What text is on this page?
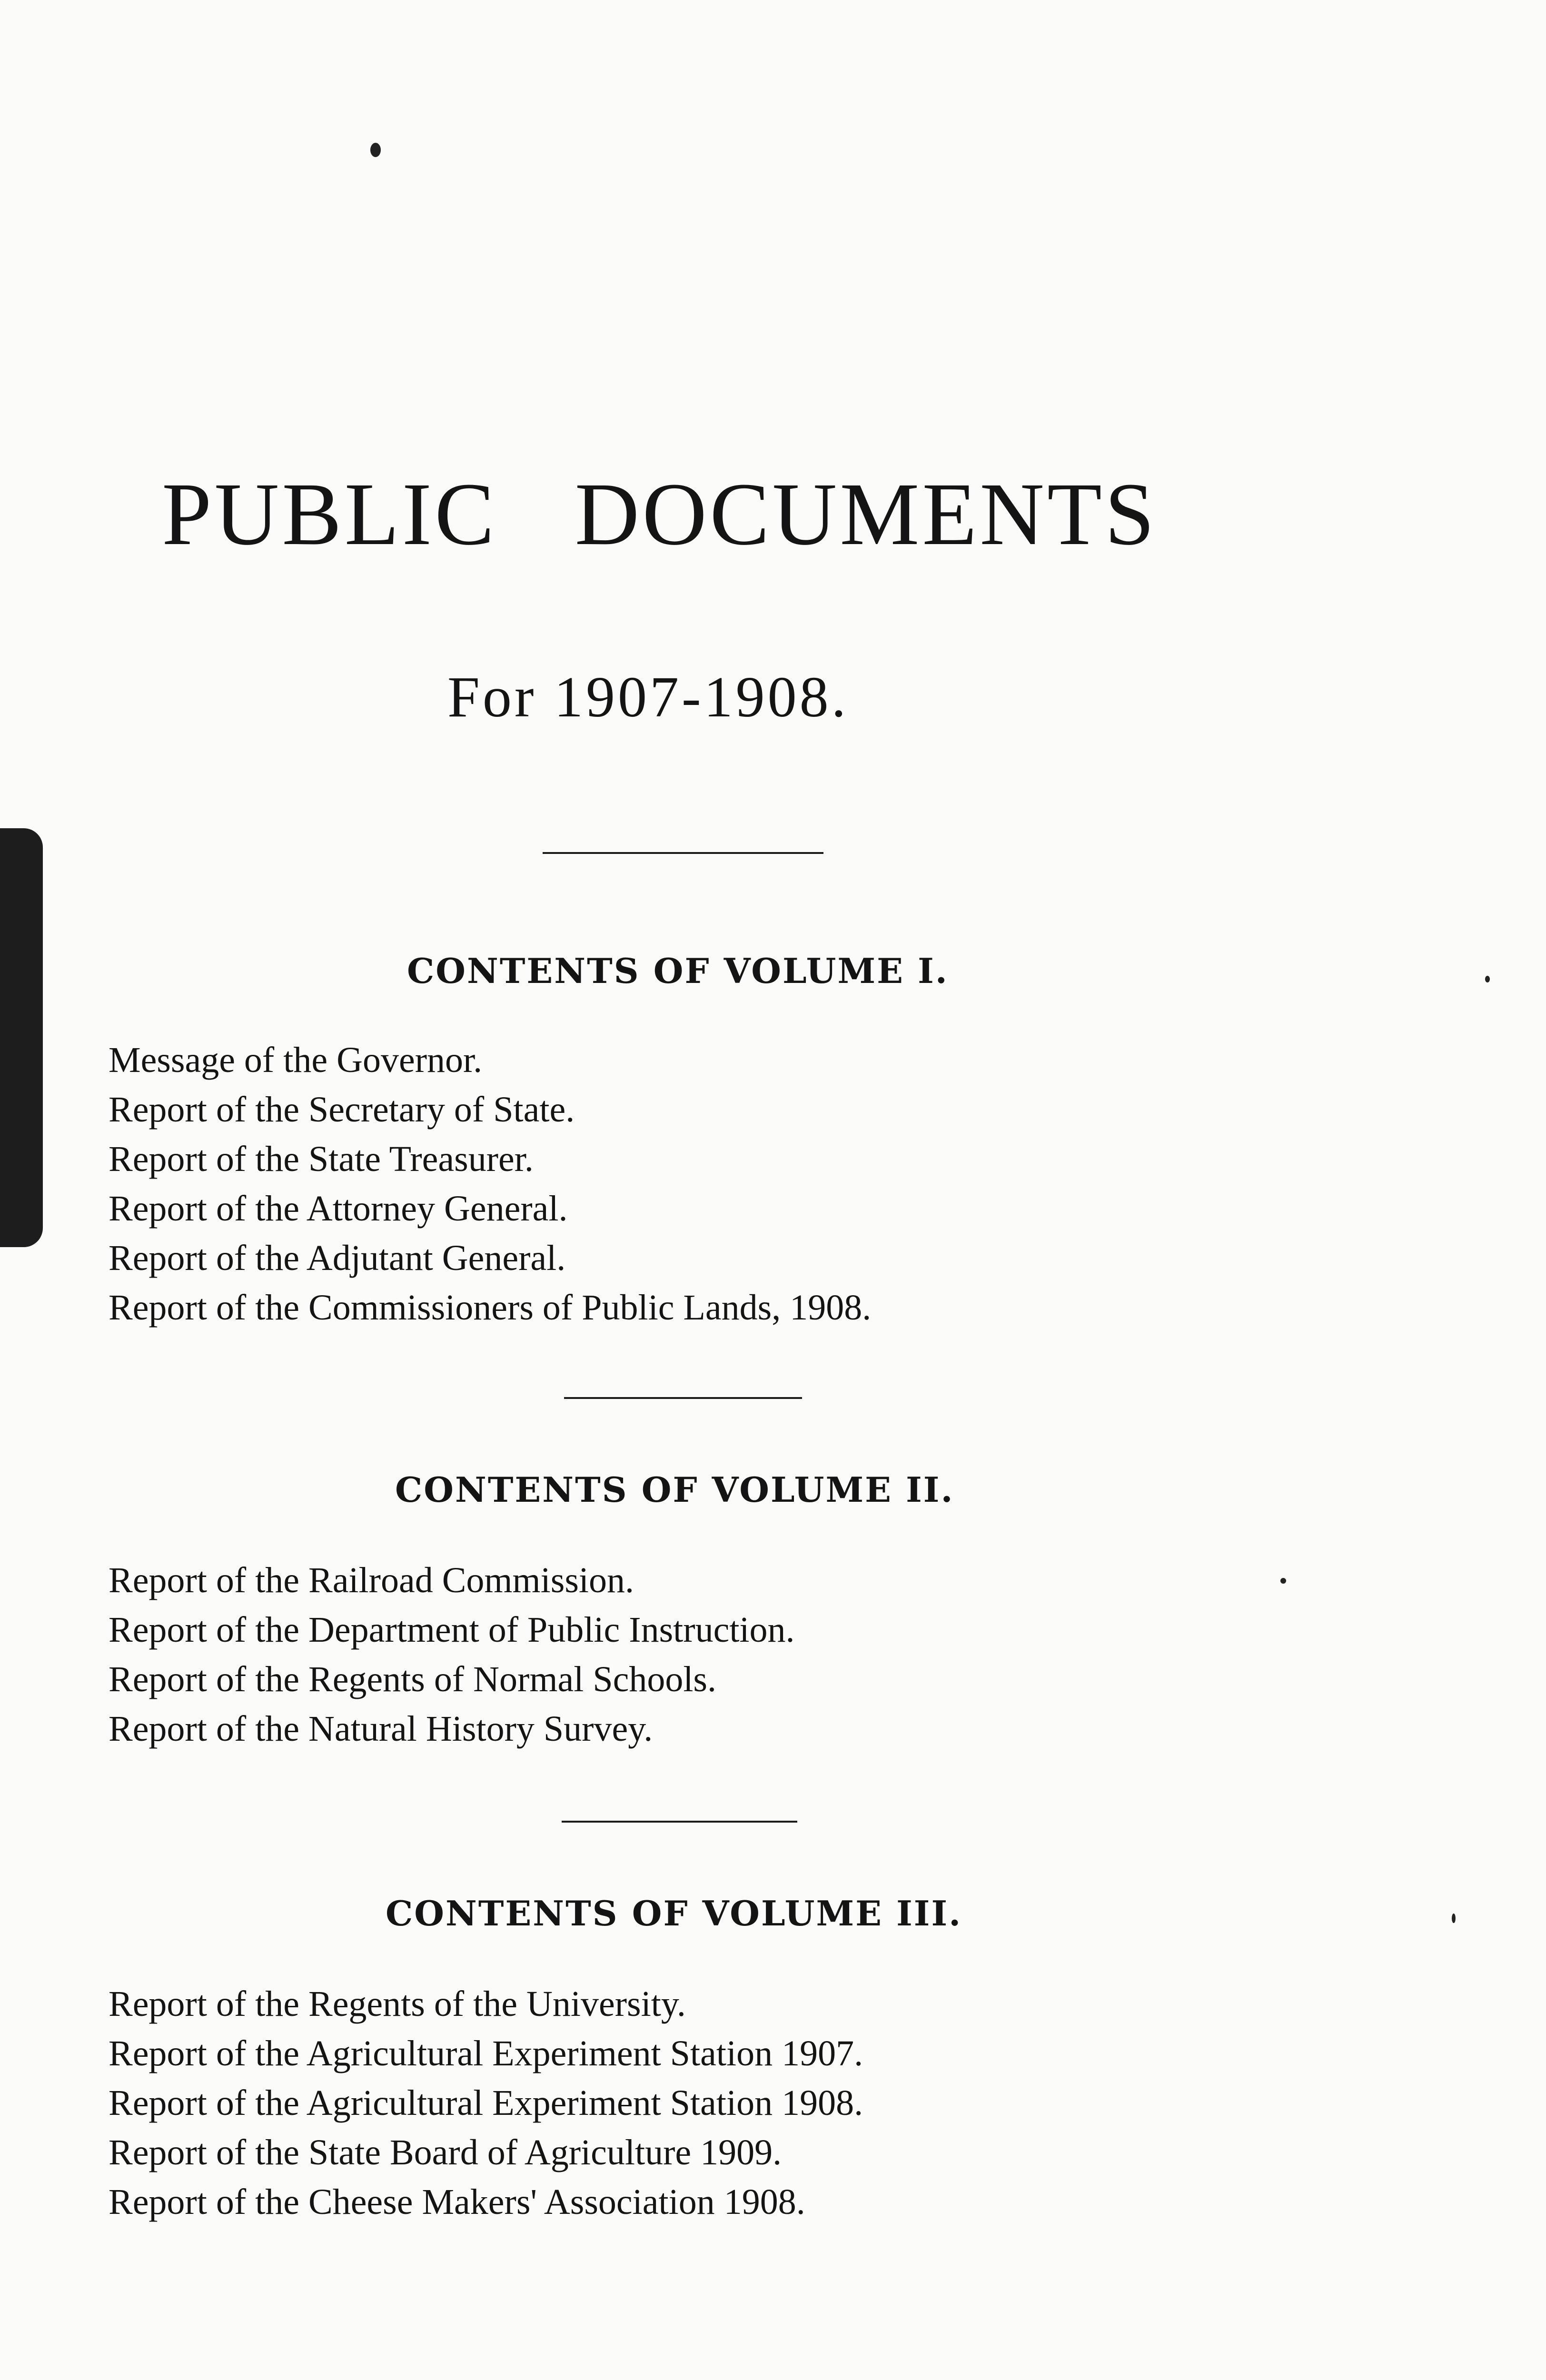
PUBLIC DOCUMENTS
For 1907-1908.
CONTENTS OF VOLUME I.
Message of the Governor.
Report of the Secretary of State.
Report of the State Treasurer.
Report of the Attorney General.
Report of the Adjutant General.
Report of the Commissioners of Public Lands, 1908.
CONTENTS OF VOLUME II.
Report of the Railroad Commission.
Report of the Department of Public Instruction.
Report of the Regents of Normal Schools.
Report of the Natural History Survey.
CONTENTS OF VOLUME III.
Report of the Regents of the University.
Report of the Agricultural Experiment Station 1907.
Report of the Agricultural Experiment Station 1908.
Report of the State Board of Agriculture 1909.
Report of the Cheese Makers' Association 1908.
